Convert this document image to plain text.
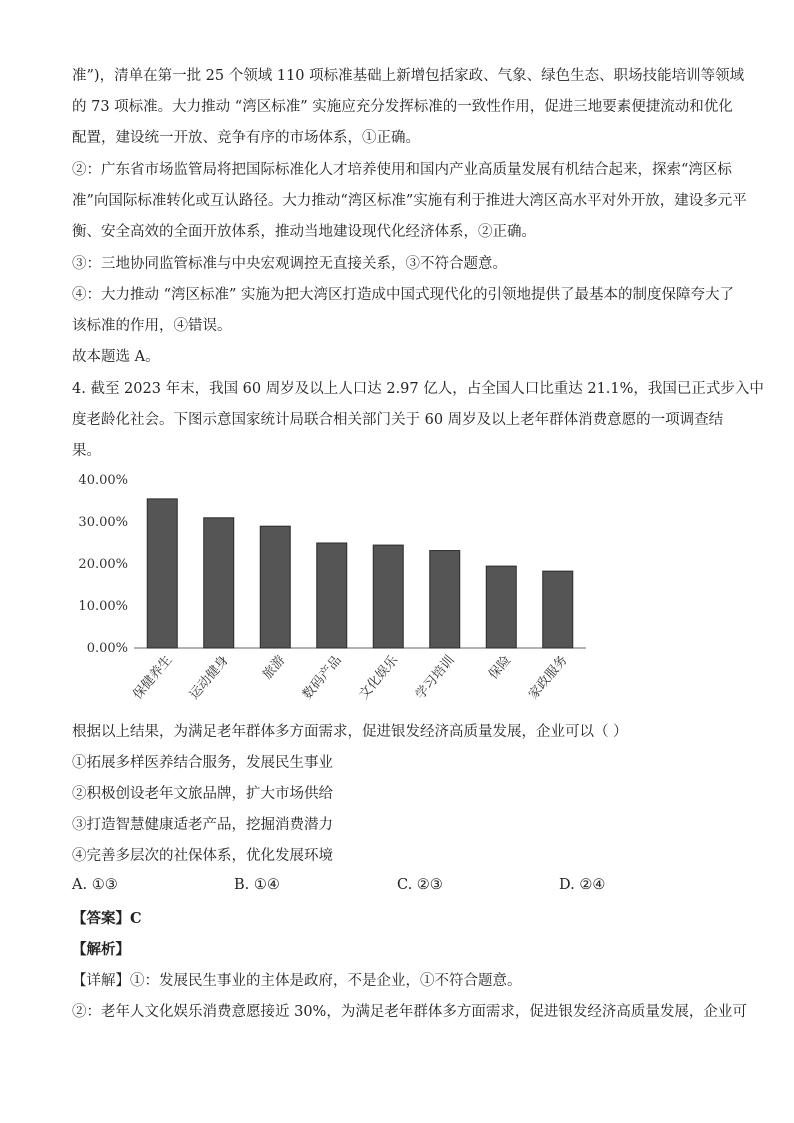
准”)，清单在第一批 25 个领域 110 项标准基础上新增包括家政、气象、绿色生态、职场技能培训等领域
的 73 项标准。大力推动 “湾区标准” 实施应充分发挥标准的一致性作用，促进三地要素便捷流动和优化
配置，建设统一开放、竞争有序的市场体系，①正确。
②：广东省市场监管局将把国际标准化人才培养使用和国内产业高质量发展有机结合起来，探索“湾区标
准”向国际标准转化或互认路径。大力推动“湾区标准”实施有利于推进大湾区高水平对外开放，建设多元平
衡、安全高效的全面开放体系，推动当地建设现代化经济体系，②正确。
③：三地协同监管标准与中央宏观调控无直接关系，③不符合题意。
④：大力推动 “湾区标准” 实施为把大湾区打造成中国式现代化的引领地提供了最基本的制度保障夸大了
该标准的作用，④错误。
故本题选 A。
4. 截至 2023 年末，我国 60 周岁及以上人口达 2.97 亿人，占全国人口比重达 21.1%，我国已正式步入中
度老龄化社会。下图示意国家统计局联合相关部门关于 60 周岁及以上老年群体消费意愿的一项调查结
果。
0.00%
10.00%
20.00%
30.00%
40.00%
保健养生 运动健身 旅游 数码产品 文化娱乐 学习培训 保险 家政服务
根据以上结果，为满足老年群体多方面需求，促进银发经济高质量发展，企业可以（ ）
①拓展多样医养结合服务，发展民生事业
②积极创设老年文旅品牌，扩大市场供给
③打造智慧健康适老产品，挖掘消费潜力
④完善多层次的社保体系，优化发展环境
A. ①③	B. ①④	C. ②③	D. ②④
【答案】C
【解析】
【详解】①：发展民生事业的主体是政府，不是企业，①不符合题意。
②：老年人文化娱乐消费意愿接近 30%，为满足老年群体多方面需求，促进银发经济高质量发展，企业可
